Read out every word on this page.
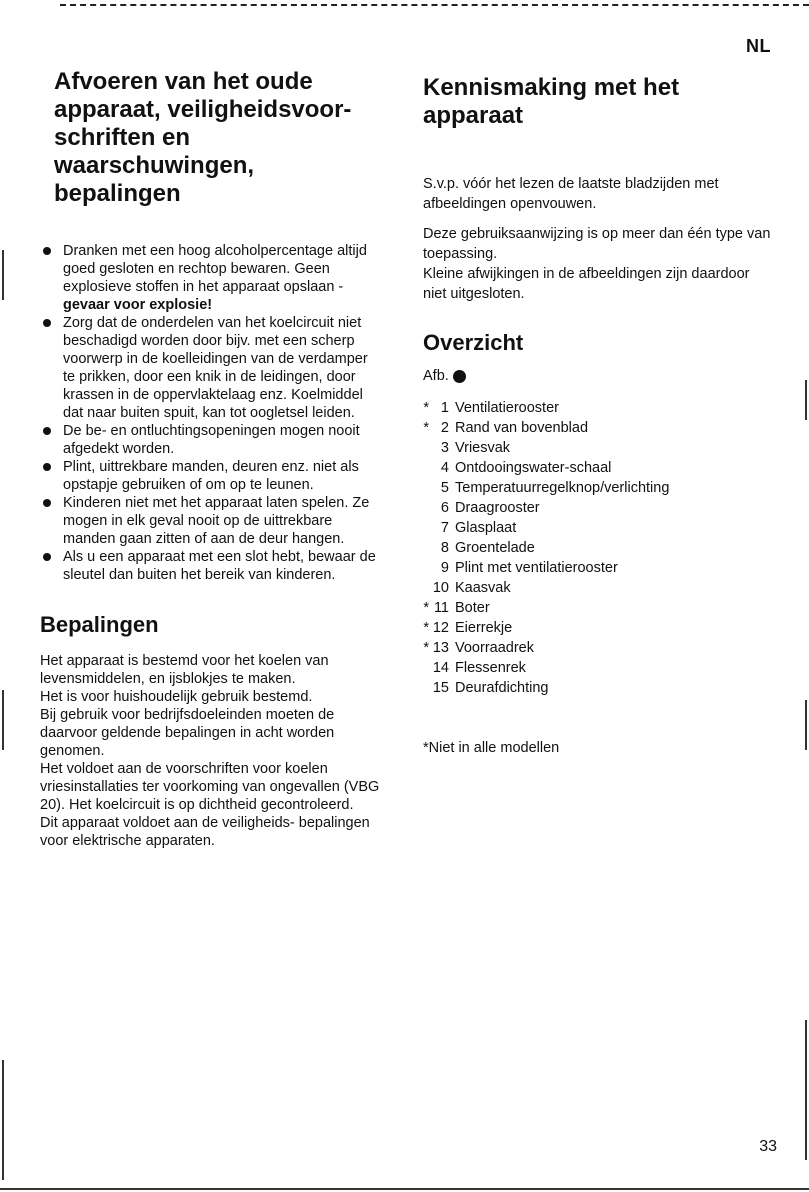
NL
33
Afvoeren van het oude
apparaat, veiligheidsvoor-
schriften en waarschuwingen,
bepalingen
Dranken met een hoog alcoholpercentage altijd goed gesloten en rechtop bewaren. Geen explosieve stoffen in het apparaat opslaan - gevaar voor explosie!
Zorg dat de onderdelen van het koelcircuit niet beschadigd worden door bijv. met een scherp voorwerp in de koelleidingen van de verdamper te prikken, door een knik in de leidingen, door krassen in de oppervlaktelaag enz. Koelmiddel dat naar buiten spuit, kan tot oogletsel leiden.
De be- en ontluchtingsopeningen mogen nooit afgedekt worden.
Plint, uittrekbare manden, deuren enz. niet als opstapje gebruiken of om op te leunen.
Kinderen niet met het apparaat laten spelen. Ze mogen in elk geval nooit op de uittrekbare manden gaan zitten of aan de deur hangen.
Als u een apparaat met een slot hebt, bewaar de sleutel dan buiten het bereik van kinderen.
Bepalingen

Het apparaat is bestemd voor het koelen van levensmiddelen, en ijsblokjes te maken.

Het is voor huishoudelijk gebruik bestemd.

Bij gebruik voor bedrijfsdoeleinden moeten de daarvoor geldende bepalingen in acht worden genomen.

Het voldoet aan de voorschriften voor koelen vriesinstallaties ter voorkoming van ongevallen (VBG 20). Het koelcircuit is op dichtheid gecontroleerd.

Dit apparaat voldoet aan de veiligheids- bepalingen voor elektrische apparaten.

Kennismaking met het
apparaat

S.v.p. vóór het lezen de laatste bladzijden met afbeeldingen openvouwen.

Deze gebruiksaanwijzing is op meer dan één type van toepassing.

Kleine afwijkingen in de afbeeldingen zijn daardoor niet uitgesloten.

Overzicht
Afb.
* 1 Ventilatierooster
* 2 Rand van bovenblad
3 Vriesvak
4 Ontdooingswater-schaal
5 Temperatuurregelknop/verlichting
6 Draagrooster
7 Glasplaat
8 Groentelade
9 Plint met ventilatierooster
10 Kaasvak
* 11 Boter
* 12 Eierrekje
* 13 Voorraadrek
14 Flessenrek
15 Deurafdichting
*Niet in alle modellen
